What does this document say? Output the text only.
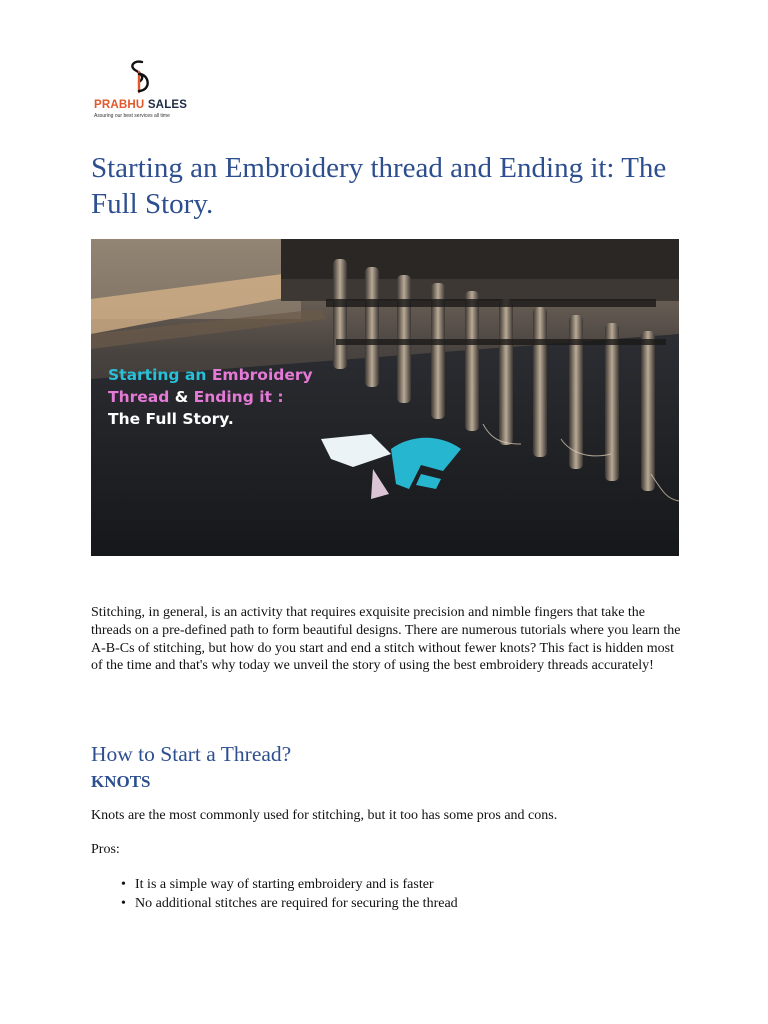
PRABHU SALES
Assuring our best services all time
Starting an Embroidery thread and Ending it: The Full Story.
Starting an Embroidery
Thread & Ending it :
The Full Story.

Stitching, in general, is an activity that requires exquisite precision and nimble fingers that take the threads on a pre-defined path to form beautiful designs. There are numerous tutorials where you learn the A-B-Cs of stitching, but how do you start and end a stitch without fewer knots? This fact is hidden most of the time and that's why today we unveil the story of using the best embroidery threads accurately!

How to Start a Thread?
KNOTS

Knots are the most commonly used for stitching, but it too has some pros and cons.

Pros:

• It is a simple way of starting embroidery and is faster
• No additional stitches are required for securing the thread
